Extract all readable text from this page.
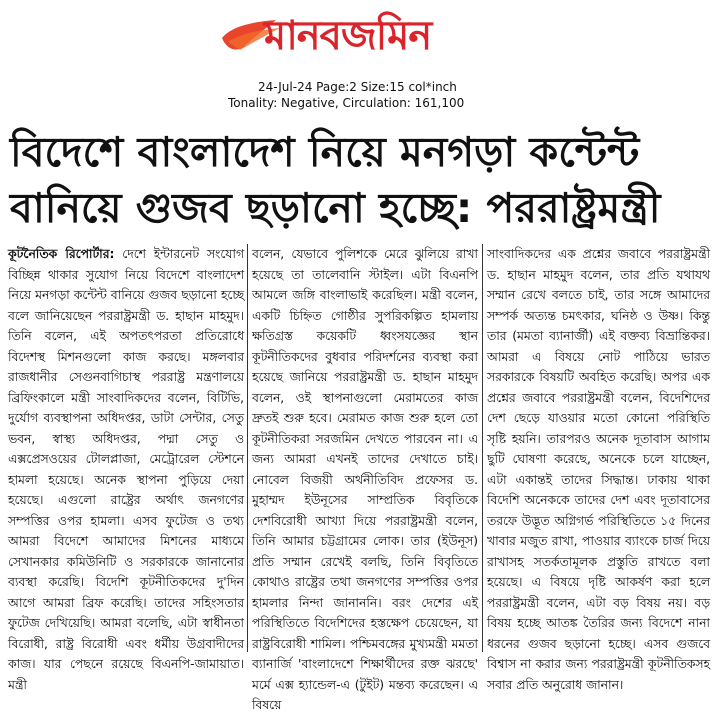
মানবজমিন
24-Jul-24 Page:2 Size:15 col*inch
Tonality: Negative, Circulation: 161,100
বিদেশে বাংলাদেশ নিয়ে মনগড়া কন্টেন্ট
বানিয়ে গুজব ছড়ানো হচ্ছে: পররাষ্ট্রমন্ত্রী
কূটনৈতিক রিপোর্টার: দেশে ইন্টারনেট সংযোগ বিচ্ছিন্ন থাকার সুযোগ নিয়ে বিদেশে বাংলাদেশ নিয়ে মনগড়া কন্টেন্ট বানিয়ে গুজব ছড়ানো হচ্ছে বলে জানিয়েছেন পররাষ্ট্রমন্ত্রী ড. হাছান মাহমুদ। তিনি বলেন, এই অপতৎপরতা প্রতিরোধে বিদেশস্থ মিশনগুলো কাজ করছে। মঙ্গলবার রাজধানীর সেগুনবাগিচাস্থ পররাষ্ট্র মন্ত্রণালয়ে ব্রিফিংকালে মন্ত্রী সাংবাদিকদের বলেন, বিটিভি, দুর্যোগ ব্যবস্থাপনা অধিদপ্তর, ডাটা সেন্টার, সেতু ভবন, স্বাস্থ্য অধিদপ্তর, পদ্মা সেতু ও এক্সপ্রেসওয়ের টোলপ্লাজা, মেট্রোরেল স্টেশনে হামলা হয়েছে। অনেক স্থাপনা পুড়িয়ে দেয়া হয়েছে। এগুলো রাষ্ট্রের অর্থাৎ জনগণের সম্পত্তির ওপর হামলা। এসব ফুটেজ ও তথ্য আমরা বিদেশে আমাদের মিশনের মাধ্যমে সেখানকার কমিউনিটি ও সরকারকে জানানোর ব্যবস্থা করেছি। বিদেশি কূটনীতিকদের দু'দিন আগে আমরা ব্রিফ করেছি। তাদের সহিংসতার ফুটেজ দেখিয়েছি। আমরা বলেছি, এটা স্বাধীনতা বিরোধী, রাষ্ট্র বিরোধী এবং ধর্মীয় উগ্রবাদীদের কাজ। যার পেছনে রয়েছে বিএনপি-জামায়াত। মন্ত্রী
বলেন, যেভাবে পুলিশকে মেরে ঝুলিয়ে রাখা হয়েছে তা তালেবানি স্টাইল। এটা বিএনপি আমলে জঙ্গি বাংলাভাই করেছিল। মন্ত্রী বলেন, একটি চিহ্নিত গোষ্ঠীর সুপরিকল্পিত হামলায় ক্ষতিগ্রস্ত কয়েকটি ধ্বংসযজ্ঞের স্থান কূটনীতিকদের বুধবার পরিদর্শনের ব্যবস্থা করা হয়েছে জানিয়ে পররাষ্ট্রমন্ত্রী ড. হাছান মাহমুদ বলেন, ওই স্থাপনাগুলো মেরামতের কাজ দ্রুতই শুরু হবে। মেরামত কাজ শুরু হলে তো কূটনীতিকরা সরজমিন দেখতে পারবেন না। এ জন্য আমরা এখনই তাদের দেখাতে চাই। নোবেল বিজয়ী অর্থনীতিবিদ প্রফেসর ড. মুহাম্মদ ইউনূসের সাম্প্রতিক বিবৃতিকে দেশবিরোধী আখ্যা দিয়ে পররাষ্ট্রমন্ত্রী বলেন, তিনি আমার চট্টগ্রামের লোক। তার (ইউনূস) প্রতি সম্মান রেখেই বলছি, তিনি বিবৃতিতে কোথাও রাষ্ট্রের তথা জনগণের সম্পত্তির ওপর হামলার নিন্দা জানাননি। বরং দেশের এই পরিস্থিতিতে বিদেশিদের হস্তক্ষেপ চেয়েছেন, যা রাষ্ট্রবিরোধী শামিল। পশ্চিমবঙ্গের মুখ্যমন্ত্রী মমতা ব্যানার্জি 'বাংলাদেশে শিক্ষার্থীদের রক্ত ঝরছে' মর্মে এক্স হ্যান্ডেল-এ (টুইট) মন্তব্য করেছেন। এ বিষয়ে
সাংবাদিকদের এক প্রশ্নের জবাবে পররাষ্ট্রমন্ত্রী ড. হাছান মাহমুদ বলেন, তার প্রতি যথাযথ সম্মান রেখে বলতে চাই, তার সঙ্গে আমাদের সম্পর্ক অত্যন্ত চমৎকার, ঘনিষ্ঠ ও উষ্ণ। কিন্তু তার (মমতা ব্যানার্জী) এই বক্তব্য বিভ্রান্তিকর। আমরা এ বিষয়ে নোট পাঠিয়ে ভারত সরকারকে বিষয়টি অবহিত করেছি। অপর এক প্রশ্নের জবাবে পররাষ্ট্রমন্ত্রী বলেন, বিদেশিদের দেশ ছেড়ে যাওয়ার মতো কোনো পরিস্থিতি সৃষ্টি হয়নি। তারপরও অনেক দূতাবাস আগাম ছুটি ঘোষণা করেছে, অনেকে চলে যাচ্ছেন, এটা একান্তই তাদের সিদ্ধান্ত। ঢাকায় থাকা বিদেশি অনেককে তাদের দেশ এবং দূতাবাসের তরফে উদ্ভূত অগ্নিগর্ভ পরিস্থিতিতে ১৫ দিনের খাবার মজুত রাখা, পাওয়ার ব্যাংকে চার্জ দিয়ে রাখাসহ সতর্কতামূলক প্রস্তুতি রাখতে বলা হয়েছে। এ বিষয়ে দৃষ্টি আকর্ষণ করা হলে পররাষ্ট্রমন্ত্রী বলেন, এটা বড় বিষয় নয়। বড় বিষয় হচ্ছে আতঙ্ক তৈরির জন্য বিদেশে নানা ধরনের গুজব ছড়ানো হচ্ছে। এসব গুজবে বিশ্বাস না করার জন্য পররাষ্ট্রমন্ত্রী কূটনীতিকসহ সবার প্রতি অনুরোধ জানান।
